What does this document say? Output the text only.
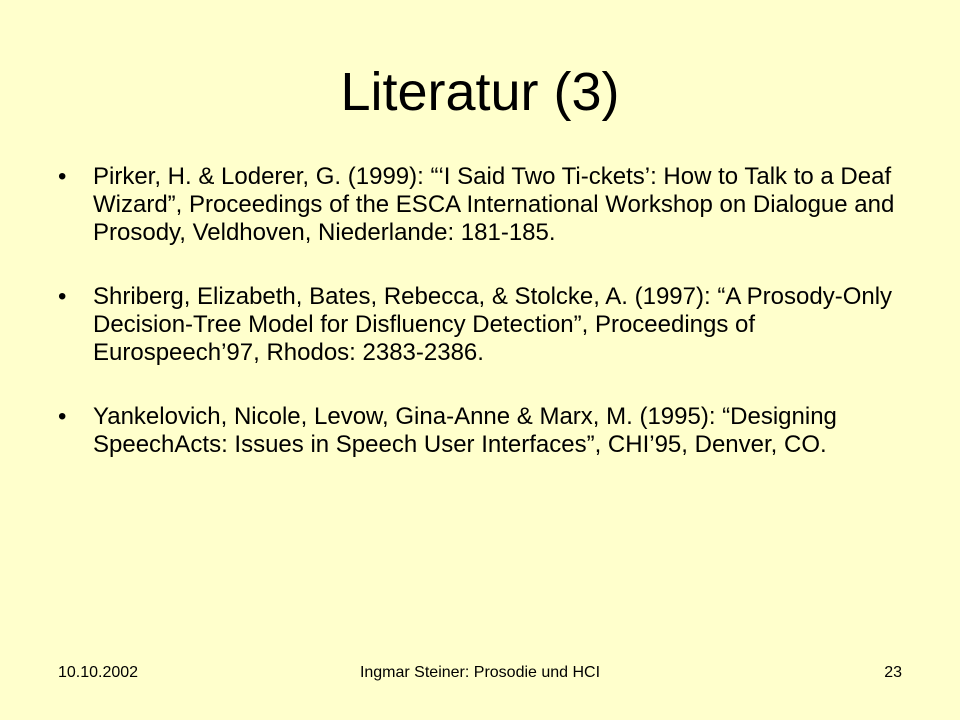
Literatur (3)
• Pirker, H. & Loderer, G. (1999): “‘I Said Two Ti-ckets’: How to Talk to a Deaf Wizard”, Proceedings of the ESCA International Workshop on Dialogue and Prosody, Veldhoven, Niederlande: 181-185.
• Shriberg, Elizabeth, Bates, Rebecca, & Stolcke, A. (1997): “A Prosody-Only Decision-Tree Model for Disfluency Detection”, Proceedings of Eurospeech’97, Rhodos: 2383-2386.
• Yankelovich, Nicole, Levow, Gina-Anne & Marx, M. (1995): “Designing SpeechActs: Issues in Speech User Interfaces”, CHI’95, Denver, CO.
Ingmar Steiner: Prosodie und HCI
10.10.2002	23
